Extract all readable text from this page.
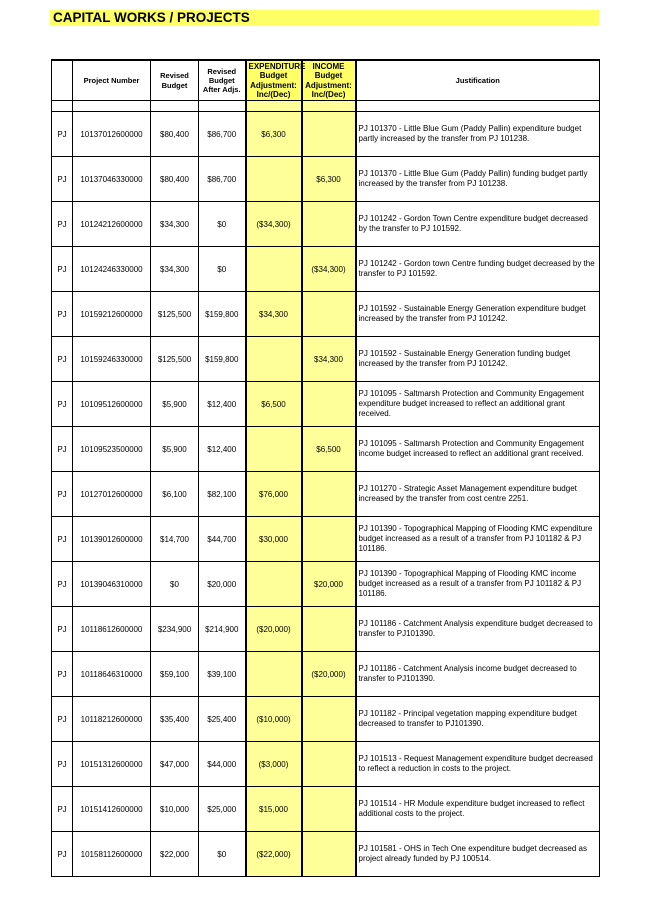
CAPITAL WORKS / PROJECTS
	Project Number	Revised Budget	Revised Budget After Adjs.	EXPENDITURE Budget Adjustment: Inc/(Dec)	INCOME Budget Adjustment: Inc/(Dec)	Justification

PJ	10137012600000	$80,400	$86,700	$6,300		PJ 101370 - Little Blue Gum (Paddy Pallin) expenditure budget partly increased by the transfer from PJ 101238.
PJ	10137046330000	$80,400	$86,700		$6,300	PJ 101370 - Little Blue Gum (Paddy Pallin) funding budget partly increased by the transfer from PJ 101238.
PJ	10124212600000	$34,300	$0	($34,300)		PJ 101242 - Gordon Town Centre expenditure budget decreased by the transfer to PJ 101592.
PJ	10124246330000	$34,300	$0		($34,300)	PJ 101242 - Gordon town Centre funding budget decreased by the transfer to PJ 101592.
PJ	10159212600000	$125,500	$159,800	$34,300		PJ 101592 - Sustainable Energy Generation expenditure budget increased by the transfer from PJ 101242.
PJ	10159246330000	$125,500	$159,800		$34,300	PJ 101592 - Sustainable Energy Generation funding budget increased by the transfer from PJ 101242.
PJ	10109512600000	$5,900	$12,400	$6,500		PJ 101095 - Saltmarsh Protection and Community Engagement expenditure budget increased to reflect an additional grant received.
PJ	10109523500000	$5,900	$12,400		$6,500	PJ 101095 - Saltmarsh Protection and Community Engagement income budget increased to reflect an additional grant received.
PJ	10127012600000	$6,100	$82,100	$76,000		PJ 101270 - Strategic Asset Management expenditure budget increased by the transfer from cost centre 2251.
PJ	10139012600000	$14,700	$44,700	$30,000		PJ 101390 - Topographical Mapping of Flooding KMC expenditure budget increased as a result of a transfer from PJ 101182 & PJ 101186.
PJ	10139046310000	$0	$20,000		$20,000	PJ 101390 - Topographical Mapping of Flooding KMC income budget increased as a result of a transfer from PJ 101182 & PJ 101186.
PJ	10118612600000	$234,900	$214,900	($20,000)		PJ 101186 - Catchment Analysis expenditure budget decreased to transfer to PJ101390.
PJ	10118646310000	$59,100	$39,100		($20,000)	PJ 101186 - Catchment Analysis income budget decreased to transfer to PJ101390.
PJ	10118212600000	$35,400	$25,400	($10,000)		PJ 101182 - Principal vegetation mapping expenditure budget decreased to transfer to PJ101390.
PJ	10151312600000	$47,000	$44,000	($3,000)		PJ 101513 - Request Management expenditure budget decreased to reflect a reduction in costs to the project.
PJ	10151412600000	$10,000	$25,000	$15,000		PJ 101514 - HR Module expenditure budget increased to reflect additional costs to the project.
PJ	10158112600000	$22,000	$0	($22,000)		PJ 101581 - OHS in Tech One expenditure budget decreased as project already funded by PJ 100514.
